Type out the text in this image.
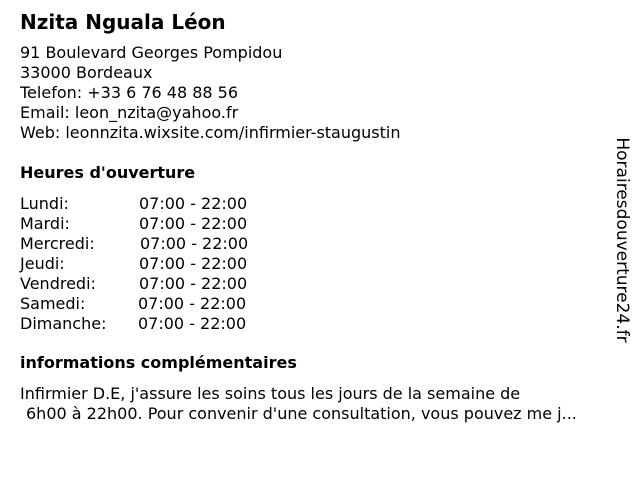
Nzita Nguala Léon
91 Boulevard Georges Pompidou
33000 Bordeaux
Telefon: +33 6 76 48 88 56
Email: leon_nzita@yahoo.fr
Web: leonnzita.wixsite.com/infirmier-staugustin
Heures d'ouverture
Lundi:	07:00 - 22:00
Mardi:	07:00 - 22:00
Mercredi:	07:00 - 22:00
Jeudi:	07:00 - 22:00
Vendredi:	07:00 - 22:00
Samedi:	07:00 - 22:00
Dimanche: 07:00 - 22:00
informations complémentaires
Infirmier D.E, j'assure les soins tous les jours de la semaine de
6h00 à 22h00. Pour convenir d'une consultation, vous pouvez me j...
Horairesdouverture24.fr
